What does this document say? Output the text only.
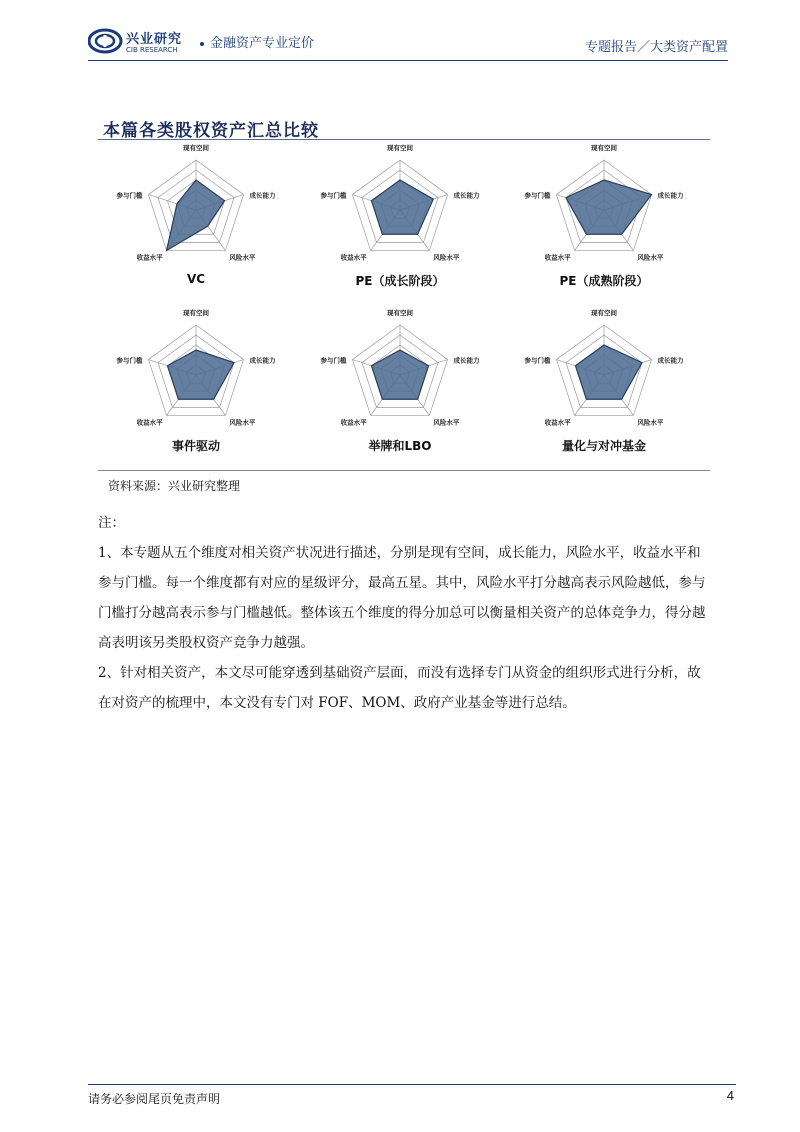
兴业研究
CIB RESEARCH	金融资产专业定价	专题报告／大类资产配置
本篇各类股权资产汇总比较
现有空间
成长能力
风险水平
收益水平
参与门槛
VC
现有空间
成长能力
风险水平
收益水平
参与门槛
PE（成长阶段）
现有空间
成长能力
风险水平
收益水平
参与门槛
PE（成熟阶段）
现有空间
成长能力
风险水平
收益水平
参与门槛
事件驱动
现有空间
成长能力
风险水平
收益水平
参与门槛
举牌和LBO
现有空间
成长能力
风险水平
收益水平
参与门槛
量化与对冲基金
资料来源：兴业研究整理

注：

1、本专题从五个维度对相关资产状况进行描述，分别是现有空间，成长能力，风险水平，收益水平和参与门槛。每一个维度都有对应的星级评分，最高五星。其中，风险水平打分越高表示风险越低，参与门槛打分越高表示参与门槛越低。整体该五个维度的得分加总可以衡量相关资产的总体竞争力，得分越高表明该另类股权资产竞争力越强。

2、针对相关资产，本文尽可能穿透到基础资产层面，而没有选择专门从资金的组织形式进行分析，故在对资产的梳理中，本文没有专门对 FOF、MOM、政府产业基金等进行总结。

请务必参阅尾页免责声明	4
